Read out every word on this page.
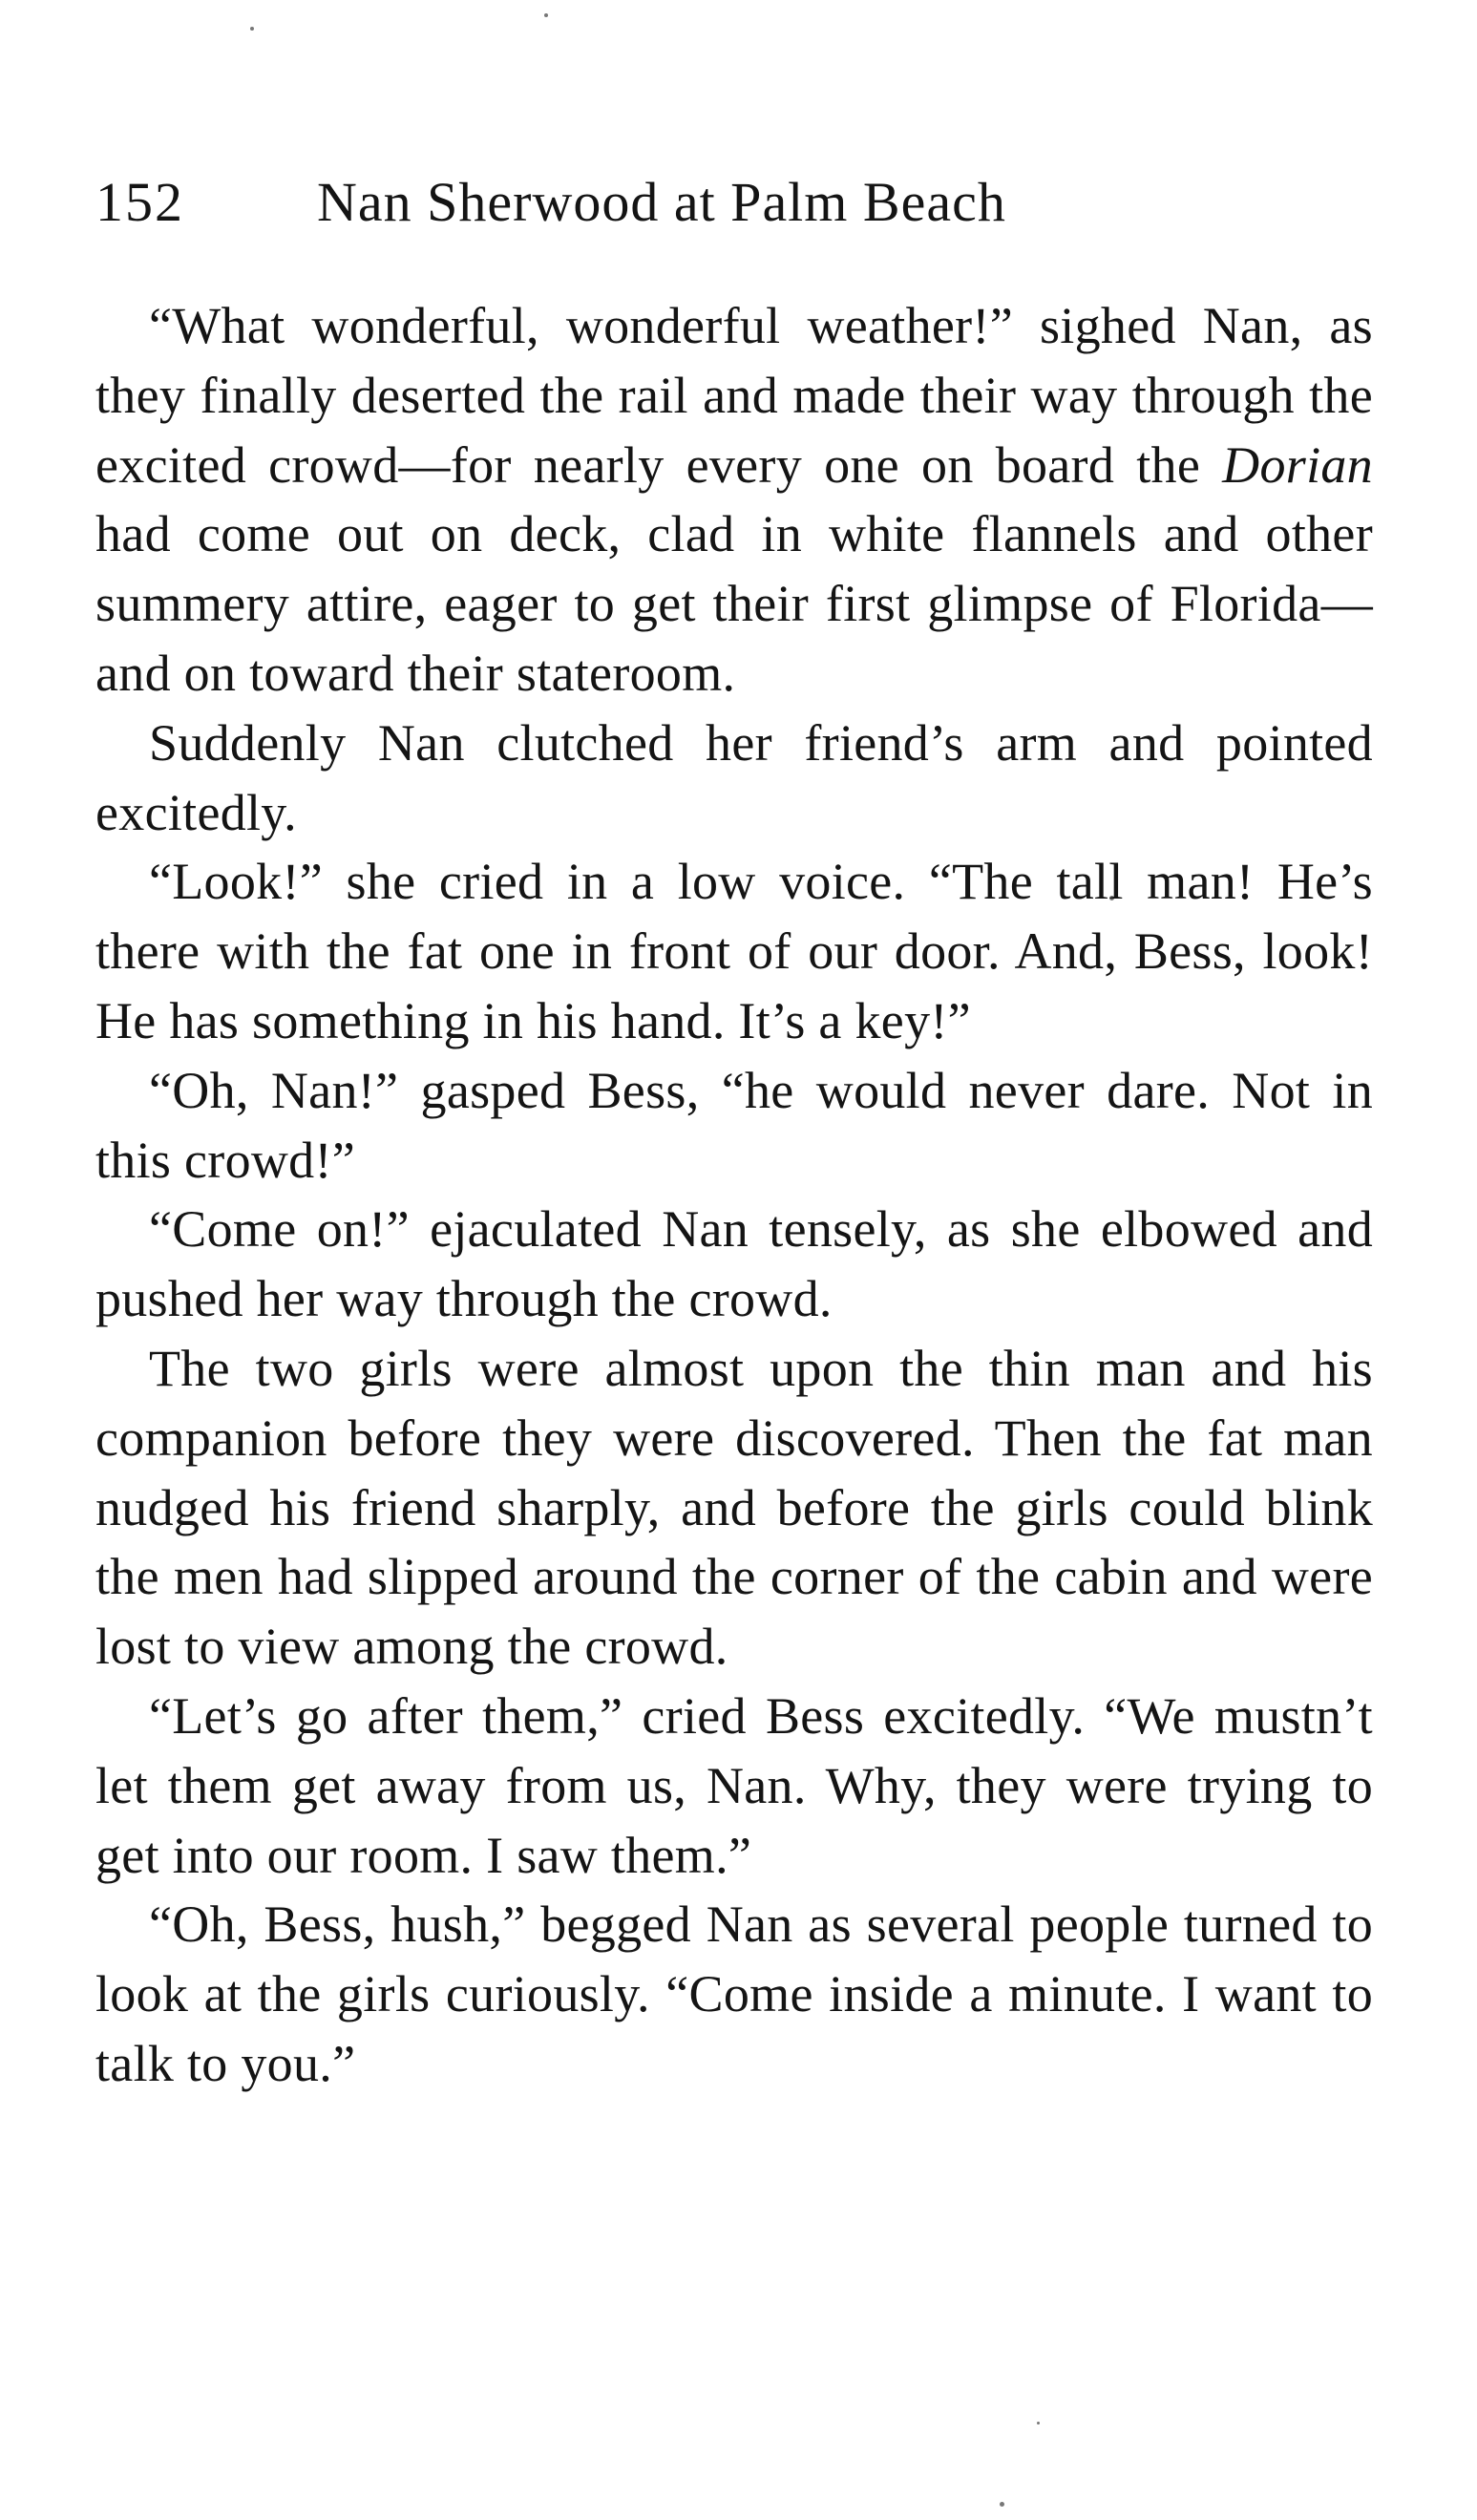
152 Nan Sherwood at Palm Beach

“What wonderful, wonderful weather!” sighed Nan, as they finally deserted the rail and made their way through the excited crowd—for nearly every one on board the Dorian had come out on deck, clad in white flannels and other summery attire, eager to get their first glimpse of Florida—and on toward their stateroom.

Suddenly Nan clutched her friend’s arm and pointed excitedly.

“Look!” she cried in a low voice. “The tall man! He’s there with the fat one in front of our door. And, Bess, look! He has something in his hand. It’s a key!”

“Oh, Nan!” gasped Bess, “he would never dare. Not in this crowd!”

“Come on!” ejaculated Nan tensely, as she elbowed and pushed her way through the crowd.

The two girls were almost upon the thin man and his companion before they were discovered. Then the fat man nudged his friend sharply, and before the girls could blink the men had slipped around the corner of the cabin and were lost to view among the crowd.

“Let’s go after them,” cried Bess excitedly. “We mustn’t let them get away from us, Nan. Why, they were trying to get into our room. I saw them.”

“Oh, Bess, hush,” begged Nan as several people turned to look at the girls curiously. “Come inside a minute. I want to talk to you.”
